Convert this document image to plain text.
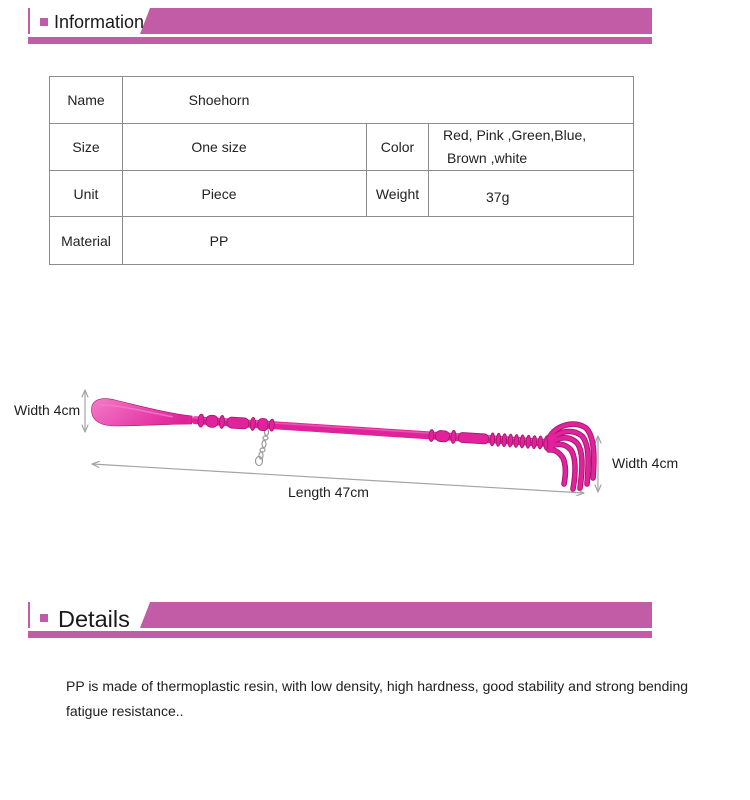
Information
Name	Shoehorn		

Size	One size	Color	Red, Pink ,Green,Blue,
Brown ,white

Unit	Piece	Weight	37g
Material	PP		
Width 4cm
Length 47cm
Width 4cm
Details

PP is made of thermoplastic resin, with low density, high hardness, good stability and strong bending fatigue resistance..
